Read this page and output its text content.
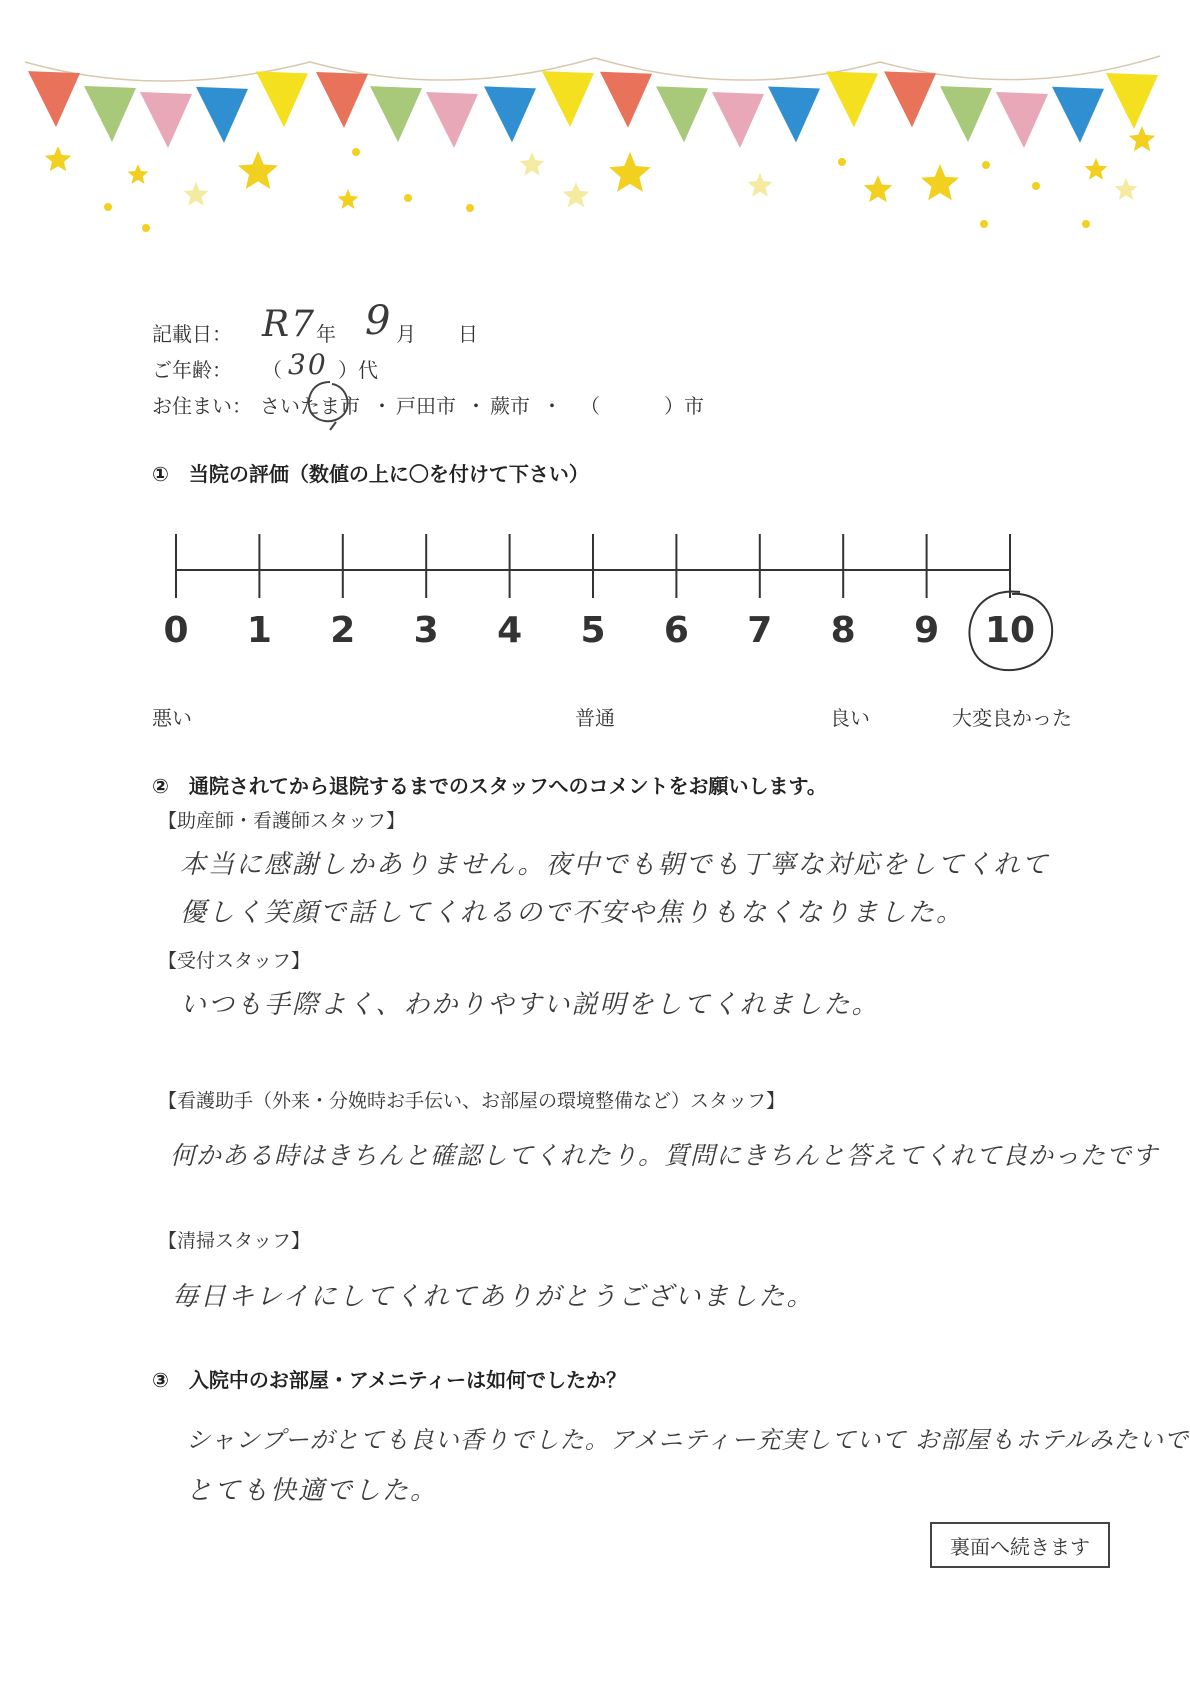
記載日： R7 年 9 月 日
ご年齢： （ 30 ）代
お住まい： さいたま市 ・ 戸田市 ・ 蕨市 ・ （	）市
①　当院の評価（数値の上に〇を付けて下さい）
0 1 2 3 4 5 6 7 8 9 10
悪い	普通	良い	大変良かった
②　通院されてから退院するまでのスタッフへのコメントをお願いします。
【助産師・看護師スタッフ】
本当に感謝しかありません。夜中でも朝でも丁寧な対応をしてくれて
優しく笑顔で話してくれるので不安や焦りもなくなりました。
【受付スタッフ】
いつも手際よく、わかりやすい説明をしてくれました。
【看護助手（外来・分娩時お手伝い、お部屋の環境整備など）スタッフ】
何かある時はきちんと確認してくれたり。質問にきちんと答えてくれて良かったです
【清掃スタッフ】
毎日キレイにしてくれてありがとうございました。
③　入院中のお部屋・アメニティーは如何でしたか？
シャンプーがとても良い香りでした。アメニティー充実していて お部屋もホテルみたいで
とても快適でした。
裏面へ続きます
